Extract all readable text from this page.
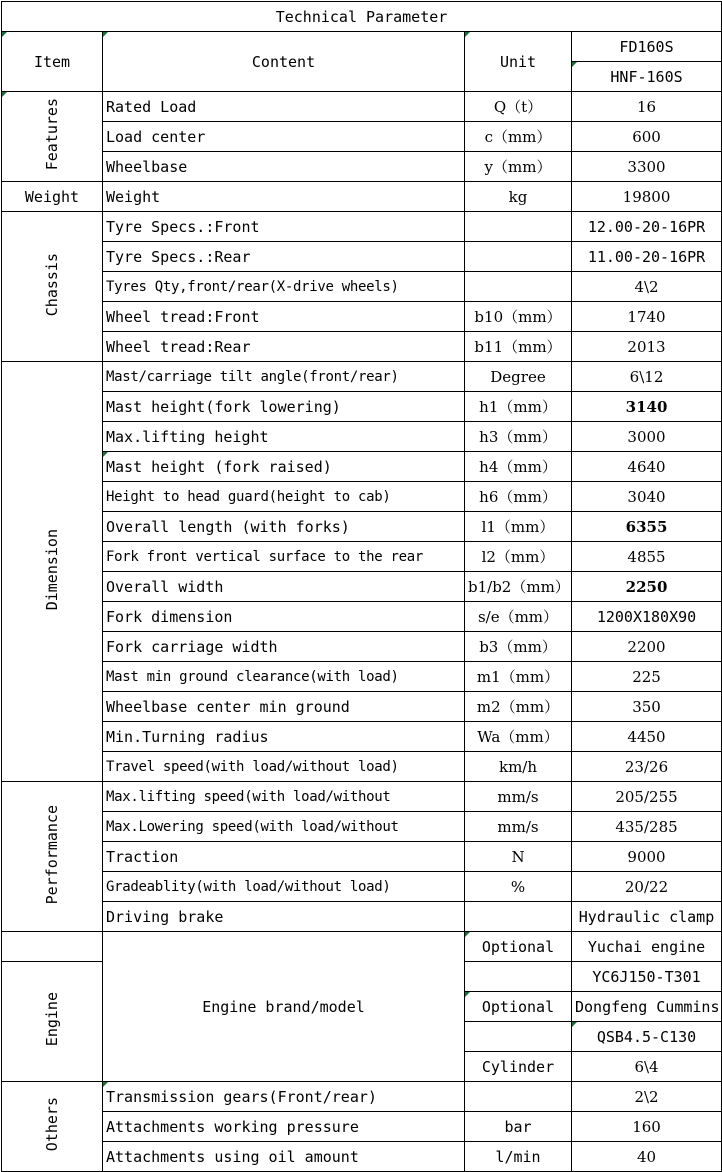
Technical Parameter			
Item	Content	Unit	FD160S
			HNF-160S
Features	Rated Load	Q（t）	16
	Load center	c（mm）	600
	Wheelbase	y（mm）	3300
Weight	Weight	kg	19800
Chassis	Tyre Specs.:Front		12.00-20-16PR
	Tyre Specs.:Rear		11.00-20-16PR
	Tyres Qty,front/rear(X-drive wheels)		4\2
	Wheel tread:Front	b10（mm）	1740
	Wheel tread:Rear	b11（mm）	2013
Dimension	Mast/carriage tilt angle(front/rear)	Degree	6\12
	Mast height(fork lowering)	h1（mm）	3140
	Max.lifting height	h3（mm）	3000
	Mast height (fork raised)	h4（mm）	4640
	Height to head guard(height to cab)	h6（mm）	3040
	Overall length (with forks)	l1（mm）	6355
	Fork front vertical surface to the rear	l2（mm）	4855
	Overall width	b1/b2（mm）	2250
	Fork dimension	s/e（mm）	1200X180X90
	Fork carriage width	b3（mm）	2200
	Mast min ground clearance(with load)	m1（mm）	225
	Wheelbase center min ground	m2（mm）	350
	Min.Turning radius	Wa（mm）	4450
	Travel speed(with load/without load)	km/h	23/26
Performance	Max.lifting speed(with load/without	mm/s	205/255
	Max.Lowering speed(with load/without	mm/s	435/285
	Traction	N	9000
	Gradeablity(with load/without load)	%	20/22
	Driving brake		Hydraulic clamp
	Engine brand/model	Optional	Yuchai engine
Engine			YC6J150-T301
		Optional	Dongfeng Cummins
			QSB4.5-C130
		Cylinder	6\4
Others	Transmission gears(Front/rear)		2\2
	Attachments working pressure	bar	160
	Attachments using oil amount	l/min	40
